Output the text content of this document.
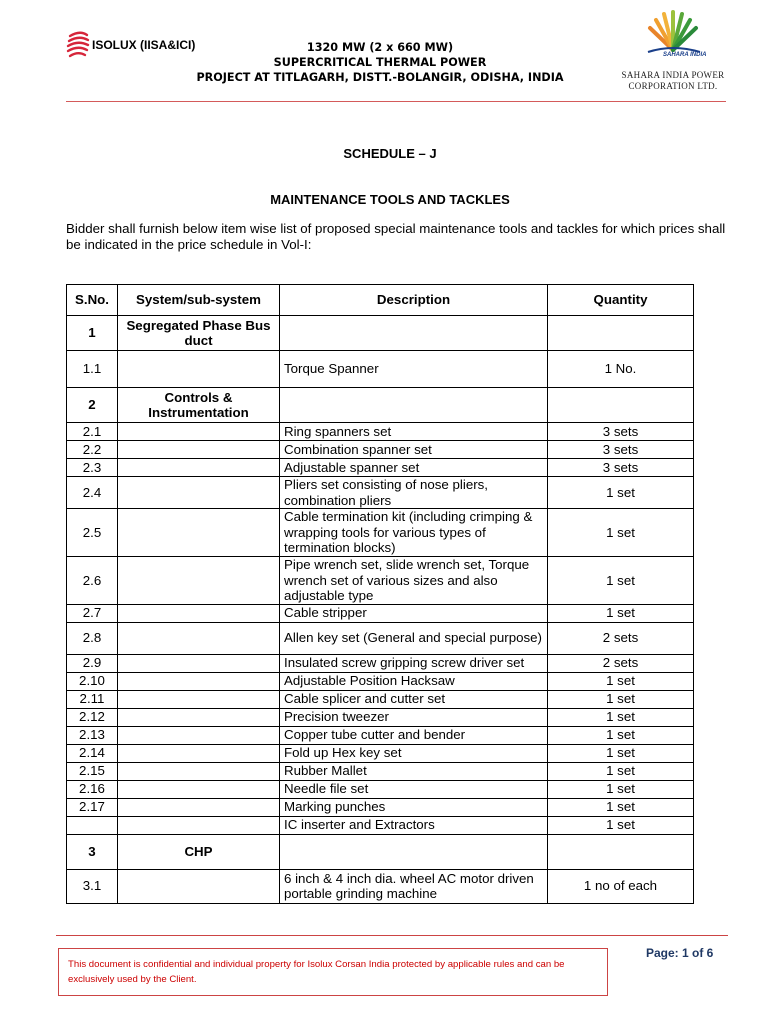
ISOLUX (IISA&ICI)	1320 MW (2 x 660 MW)
SUPERCRITICAL THERMAL POWER
PROJECT AT TITLAGARH, DISTT.-BOLANGIR, ODISHA, INDIA
SAHARA INDIA
SAHARA INDIA POWER
CORPORATION LTD.
SCHEDULE – J
MAINTENANCE TOOLS AND TACKLES
Bidder shall furnish below item wise list of proposed special maintenance tools and tackles for which prices shall
be indicated in the price schedule in Vol-I:
S.No.	System/sub-system	Description	Quantity
1	Segregated Phase Bus duct		
1.1		Torque Spanner	1 No.
2	Controls & Instrumentation		
2.1		Ring spanners set	3 sets
2.2		Combination spanner set	3 sets
2.3		Adjustable spanner set	3 sets
2.4		Pliers set consisting of nose pliers, combination pliers	1 set
2.5		Cable termination kit (including crimping & wrapping tools for various types of termination blocks)	1 set
2.6		Pipe wrench set, slide wrench set, Torque wrench set of various sizes and also adjustable type	1 set
2.7		Cable stripper	1 set
2.8		Allen key set (General and special purpose)	2 sets
2.9		Insulated screw gripping screw driver set	2 sets
2.10		Adjustable Position Hacksaw	1 set
2.11		Cable splicer and cutter set	1 set
2.12		Precision tweezer	1 set
2.13		Copper tube cutter and bender	1 set
2.14		Fold up Hex key set	1 set
2.15		Rubber Mallet	1 set
2.16		Needle file set	1 set
2.17		Marking punches	1 set
		IC inserter and Extractors	1 set
3	CHP		
3.1		6 inch & 4 inch dia. wheel AC motor driven portable grinding machine	1 no of each
This document is confidential and individual property for Isolux Corsan India protected by applicable rules and can be exclusively used by the Client.
Page: 1 of 6
